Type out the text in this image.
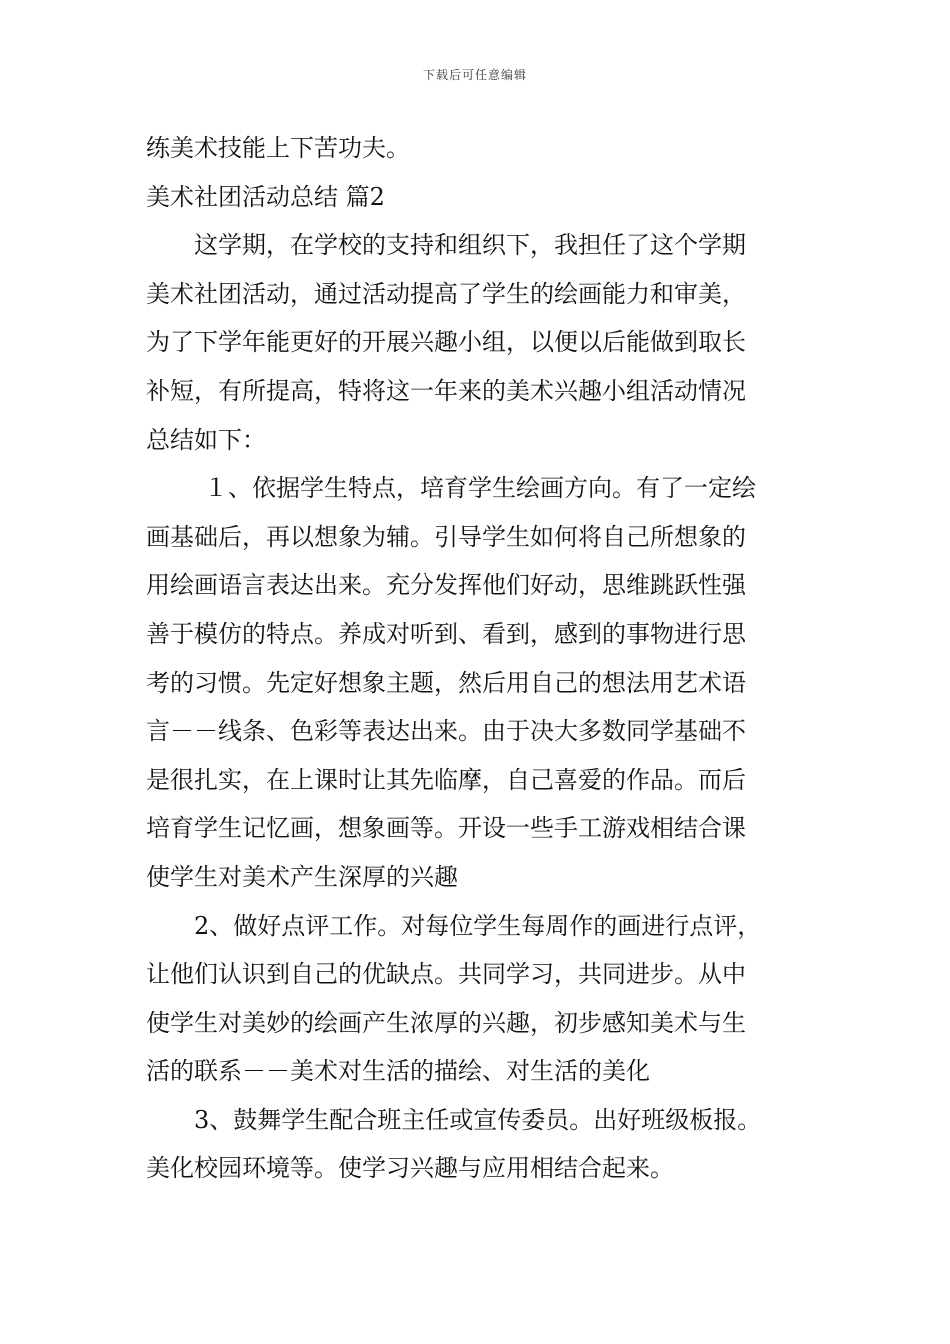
下载后可任意编辑
练美术技能上下苦功夫。
美术社团活动总结 篇2
这学期，在学校的支持和组织下，我担任了这个学期
美术社团活动，通过活动提高了学生的绘画能力和审美，
为了下学年能更好的开展兴趣小组，以便以后能做到取长
补短，有所提高，特将这一年来的美术兴趣小组活动情况
总结如下：
１、依据学生特点，培育学生绘画方向。有了一定绘
画基础后，再以想象为辅。引导学生如何将自己所想象的
用绘画语言表达出来。充分发挥他们好动，思维跳跃性强
善于模仿的特点。养成对听到、看到，感到的事物进行思
考的习惯。先定好想象主题，然后用自己的想法用艺术语
言－－线条、色彩等表达出来。由于决大多数同学基础不
是很扎实，在上课时让其先临摩，自己喜爱的作品。而后
培育学生记忆画，想象画等。开设一些手工游戏相结合课
使学生对美术产生深厚的兴趣
2、做好点评工作。对每位学生每周作的画进行点评，
让他们认识到自己的优缺点。共同学习，共同进步。从中
使学生对美妙的绘画产生浓厚的兴趣，初步感知美术与生
活的联系－－美术对生活的描绘、对生活的美化
3、鼓舞学生配合班主任或宣传委员。出好班级板报。
美化校园环境等。使学习兴趣与应用相结合起来。
